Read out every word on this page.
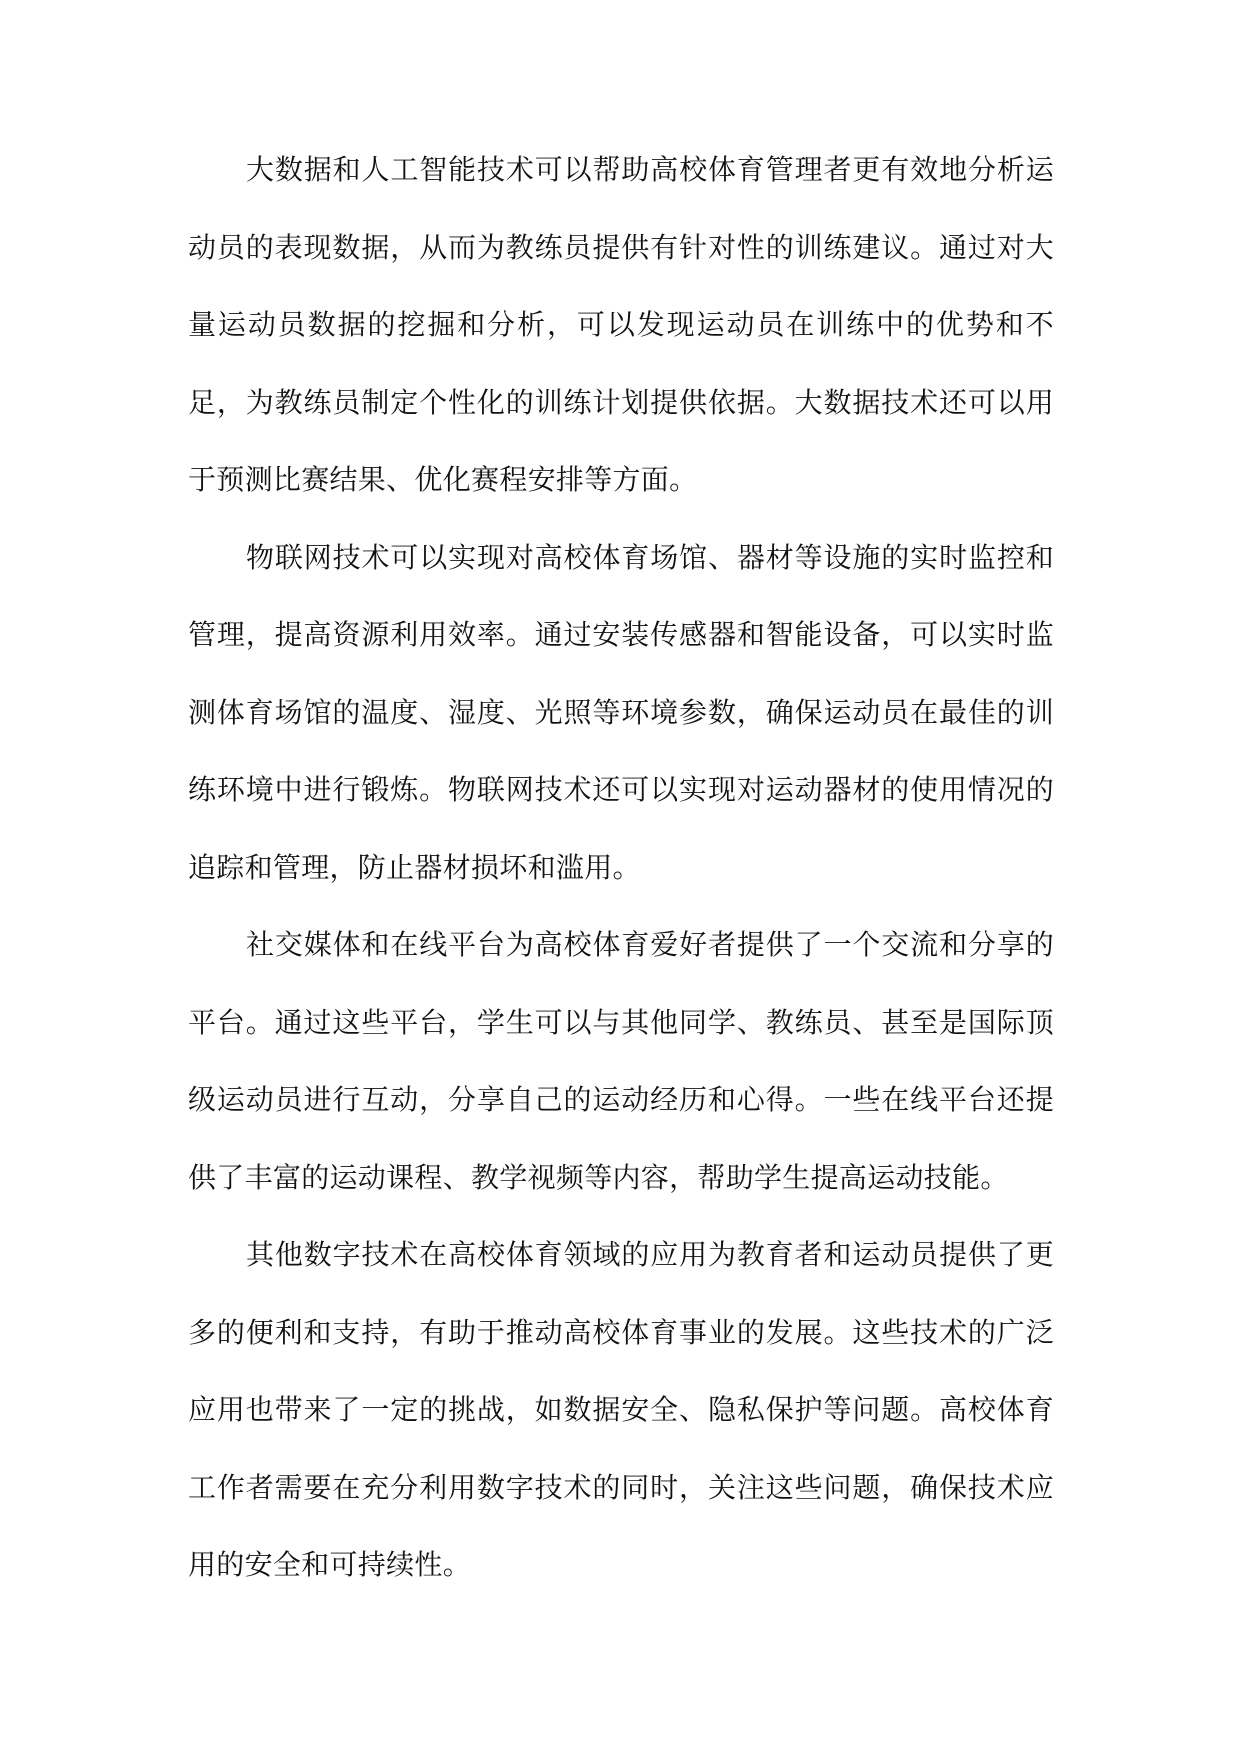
大数据和人工智能技术可以帮助高校体育管理者更有效地分析运动员的表现数据，从而为教练员提供有针对性的训练建议。通过对大量运动员数据的挖掘和分析，可以发现运动员在训练中的优势和不足，为教练员制定个性化的训练计划提供依据。大数据技术还可以用于预测比赛结果、优化赛程安排等方面。

物联网技术可以实现对高校体育场馆、器材等设施的实时监控和管理，提高资源利用效率。通过安装传感器和智能设备，可以实时监测体育场馆的温度、湿度、光照等环境参数，确保运动员在最佳的训练环境中进行锻炼。物联网技术还可以实现对运动器材的使用情况的追踪和管理，防止器材损坏和滥用。

社交媒体和在线平台为高校体育爱好者提供了一个交流和分享的平台。通过这些平台，学生可以与其他同学、教练员、甚至是国际顶级运动员进行互动，分享自己的运动经历和心得。一些在线平台还提供了丰富的运动课程、教学视频等内容，帮助学生提高运动技能。

其他数字技术在高校体育领域的应用为教育者和运动员提供了更多的便利和支持，有助于推动高校体育事业的发展。这些技术的广泛应用也带来了一定的挑战，如数据安全、隐私保护等问题。高校体育工作者需要在充分利用数字技术的同时，关注这些问题，确保技术应用的安全和可持续性。
